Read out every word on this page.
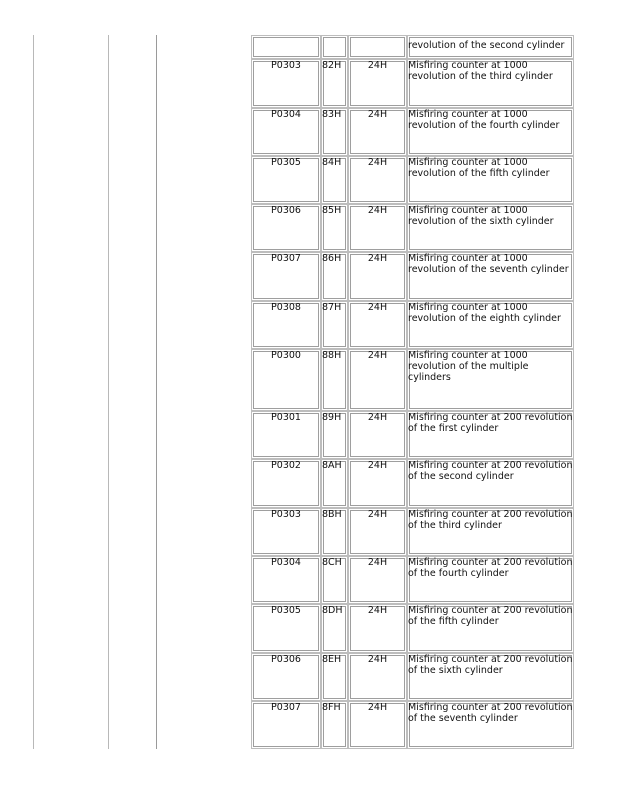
						revolution of the second cylinder
			P0303	82H	24H	Misfiring counter at 1000 revolution of the third cylinder
			P0304	83H	24H	Misfiring counter at 1000 revolution of the fourth cylinder
			P0305	84H	24H	Misfiring counter at 1000 revolution of the fifth cylinder
			P0306	85H	24H	Misfiring counter at 1000 revolution of the sixth cylinder
			P0307	86H	24H	Misfiring counter at 1000 revolution of the seventh cylinder
			P0308	87H	24H	Misfiring counter at 1000 revolution of the eighth cylinder
			P0300	88H	24H	Misfiring counter at 1000 revolution of the multiple cylinders
			P0301	89H	24H	Misfiring counter at 200 revolution of the first cylinder
			P0302	8AH	24H	Misfiring counter at 200 revolution of the second cylinder
			P0303	8BH	24H	Misfiring counter at 200 revolution of the third cylinder
			P0304	8CH	24H	Misfiring counter at 200 revolution of the fourth cylinder
			P0305	8DH	24H	Misfiring counter at 200 revolution of the fifth cylinder
			P0306	8EH	24H	Misfiring counter at 200 revolution of the sixth cylinder
			P0307	8FH	24H	Misfiring counter at 200 revolution of the seventh cylinder
